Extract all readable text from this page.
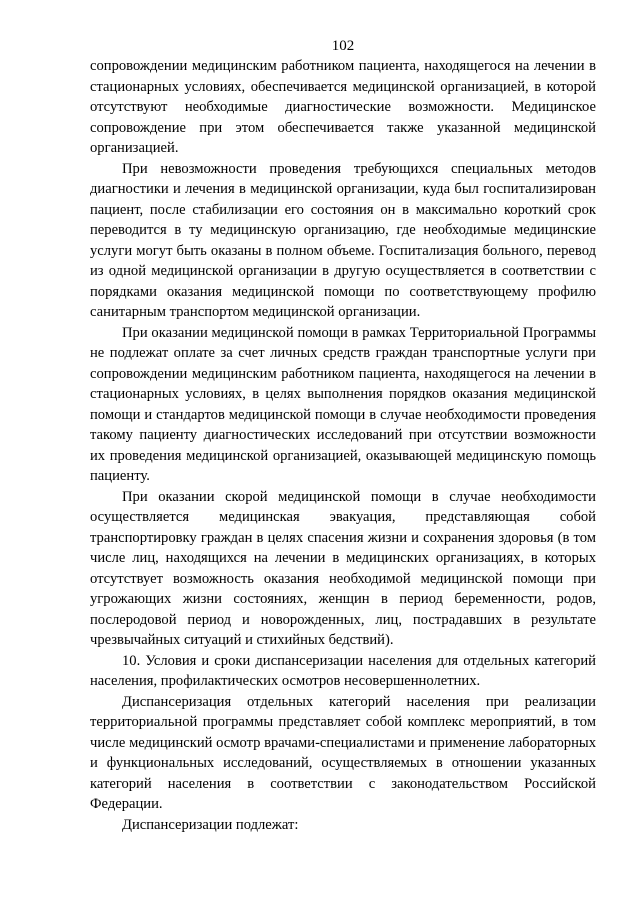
102

сопровождении медицинским работником пациента, находящегося на лечении в стационарных условиях, обеспечивается медицинской организацией, в которой отсутствуют необходимые диагностические возможности. Медицинское сопровождение при этом обеспечивается также указанной медицинской организацией.

При невозможности проведения требующихся специальных методов диагностики и лечения в медицинской организации, куда был госпитализирован пациент, после стабилизации его состояния он в максимально короткий срок переводится в ту медицинскую организацию, где необходимые медицинские услуги могут быть оказаны в полном объеме. Госпитализация больного, перевод из одной медицинской организации в другую осуществляется в соответствии с порядками оказания медицинской помощи по соответствующему профилю санитарным транспортом медицинской организации.

При оказании медицинской помощи в рамках Территориальной Программы не подлежат оплате за счет личных средств граждан транспортные услуги при сопровождении медицинским работником пациента, находящегося на лечении в стационарных условиях, в целях выполнения порядков оказания медицинской помощи и стандартов медицинской помощи в случае необходимости проведения такому пациенту диагностических исследований при отсутствии возможности их проведения медицинской организацией, оказывающей медицинскую помощь пациенту.

При оказании скорой медицинской помощи в случае необходимости осуществляется медицинская эвакуация, представляющая собой транспортировку граждан в целях спасения жизни и сохранения здоровья (в том числе лиц, находящихся на лечении в медицинских организациях, в которых отсутствует возможность оказания необходимой медицинской помощи при угрожающих жизни состояниях, женщин в период беременности, родов, послеродовой период и новорожденных, лиц, пострадавших в результате чрезвычайных ситуаций и стихийных бедствий).

10. Условия и сроки диспансеризации населения для отдельных категорий населения, профилактических осмотров несовершеннолетних.

Диспансеризация отдельных категорий населения при реализации территориальной программы представляет собой комплекс мероприятий, в том числе медицинский осмотр врачами-специалистами и применение лабораторных и функциональных исследований, осуществляемых в отношении указанных категорий населения в соответствии с законодательством Российской Федерации.

Диспансеризации подлежат:
